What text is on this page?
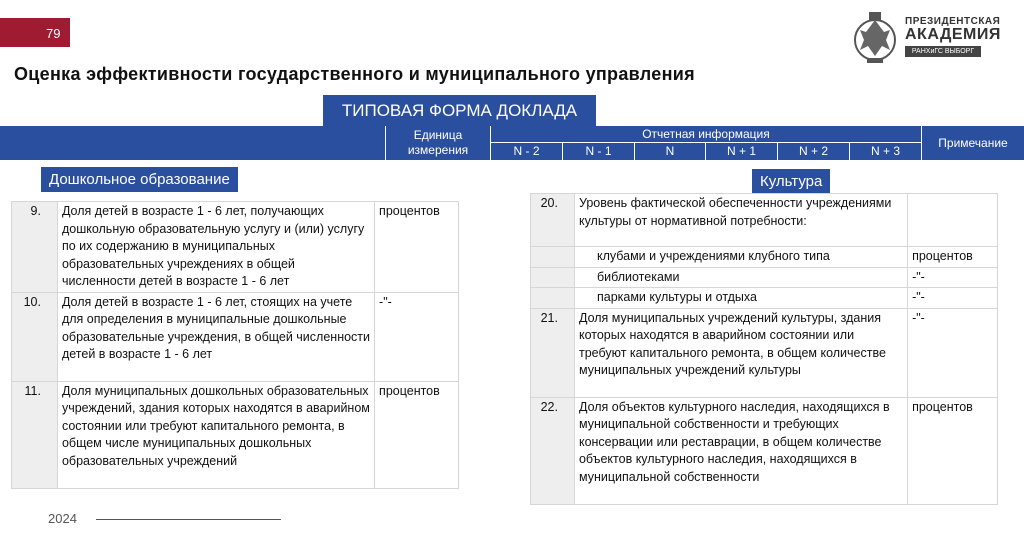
79
ПРЕЗИДЕНТСКАЯ
АКАДЕМИЯ
РАНХиГС ВЫБОРГ
Оценка эффективности государственного и муниципального управления
ТИПОВАЯ ФОРМА ДОКЛАДА
Единица измерения
Отчетная информация
N - 2	N - 1	N	N + 1	N + 2	N + 3
Примечание
Дошкольное образование	Культура
9.	Доля детей в возрасте 1 - 6 лет, получающих дошкольную образовательную услугу и (или) услугу по их содержанию в муниципальных образовательных учреждениях в общей численности детей в возрасте 1 - 6 лет	процентов
10.	Доля детей в возрасте 1 - 6 лет, стоящих на учете для определения в муниципальные дошкольные образовательные учреждения, в общей численности детей в возрасте 1 - 6 лет	-"-
11.	Доля муниципальных дошкольных образовательных учреждений, здания которых находятся в аварийном состоянии или требуют капитального ремонта, в общем числе муниципальных дошкольных образовательных учреждений	процентов
20.	Уровень фактической обеспеченности учреждениями культуры от нормативной потребности:	
	клубами и учреждениями клубного типа	процентов
	библиотеками	-"-
	парками культуры и отдыха	-"-
21.	Доля муниципальных учреждений культуры, здания которых находятся в аварийном состоянии или требуют капитального ремонта, в общем количестве муниципальных учреждений культуры	-"-
22.	Доля объектов культурного наследия, находящихся в муниципальной собственности и требующих консервации или реставрации, в общем количестве объектов культурного наследия, находящихся в муниципальной собственности	процентов
2024
